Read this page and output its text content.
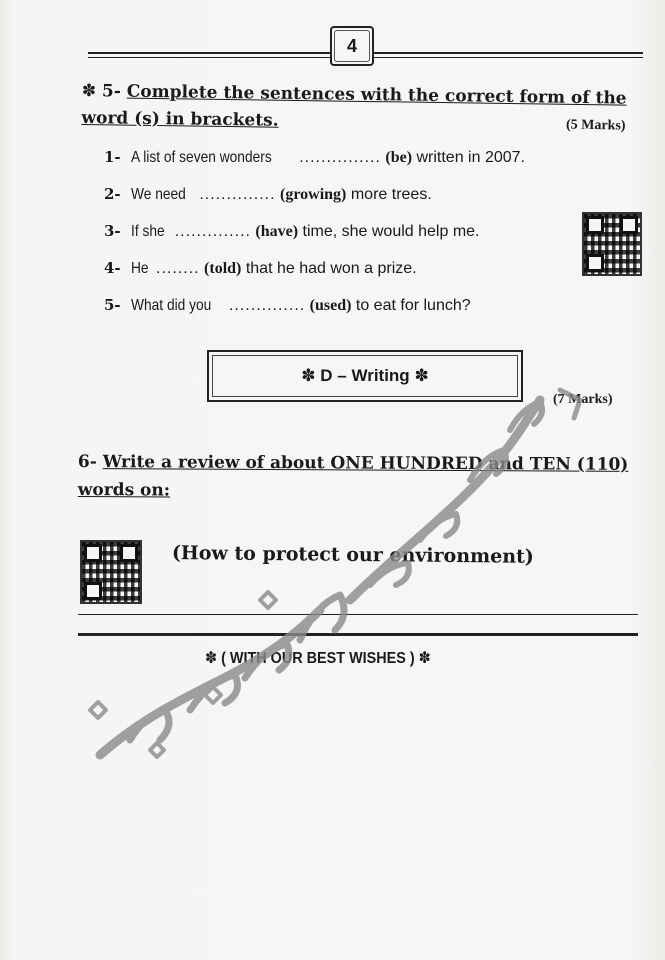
4
✽ 5- Complete the sentences with the correct form of the
word (s) in brackets.	(5 Marks)
1- A list of seven wonders ............... (be) written in 2007.
2- We need .............. (growing) more trees.
3- If she .............. (have) time, she would help me.
4- He ........ (told) that he had won a prize.
5- What did you .............. (used) to eat for lunch?
✽ D – Writing ✽
(7 Marks)
6- Write a review of about ONE HUNDRED and TEN (110)
words on:
(How to protect our environment)
✽ ( WITH OUR BEST WISHES ) ✽
